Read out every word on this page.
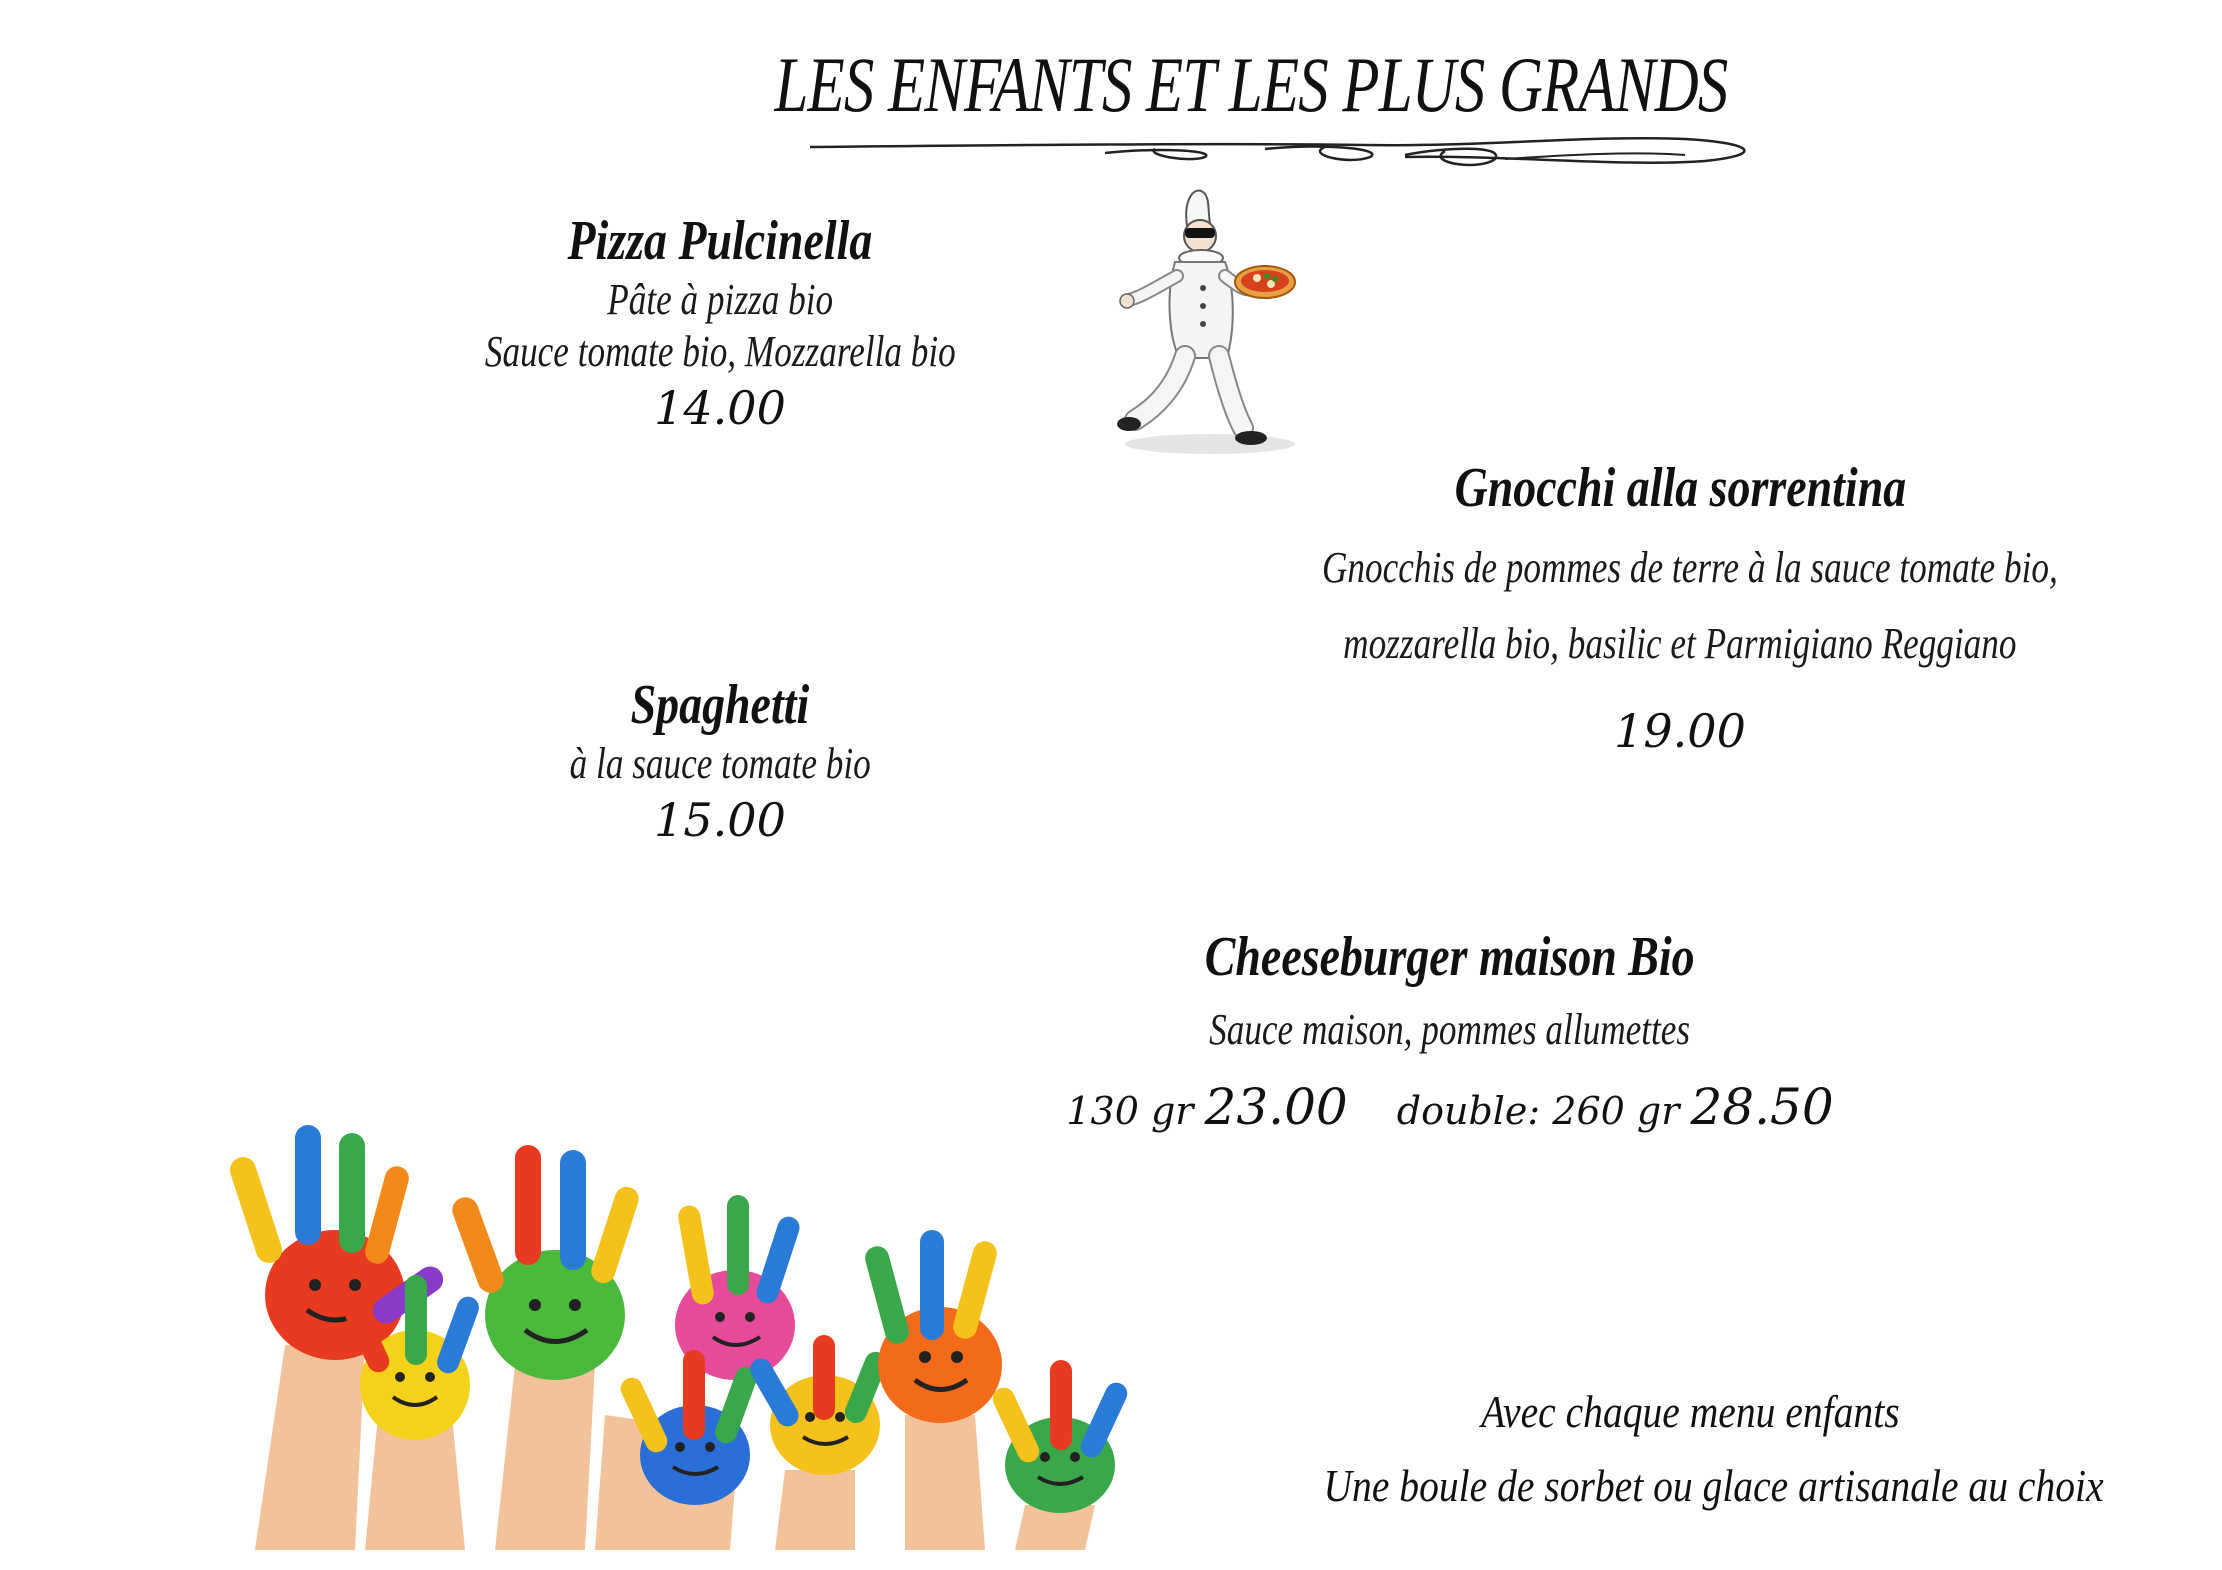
LES ENFANTS ET LES PLUS GRANDS
Pizza Pulcinella
Pâte à pizza bio
Sauce tomate bio, Mozzarella bio
14.00
Gnocchi alla sorrentina
Gnocchis de pommes de terre à la sauce tomate bio,
mozzarella bio, basilic et Parmigiano Reggiano
19.00
Spaghetti
à la sauce tomate bio
15.00
Cheeseburger maison Bio
Sauce maison, pommes allumettes
130 gr 23.00 double: 260 gr 28.50
Avec chaque menu enfants
Une boule de sorbet ou glace artisanale au choix
